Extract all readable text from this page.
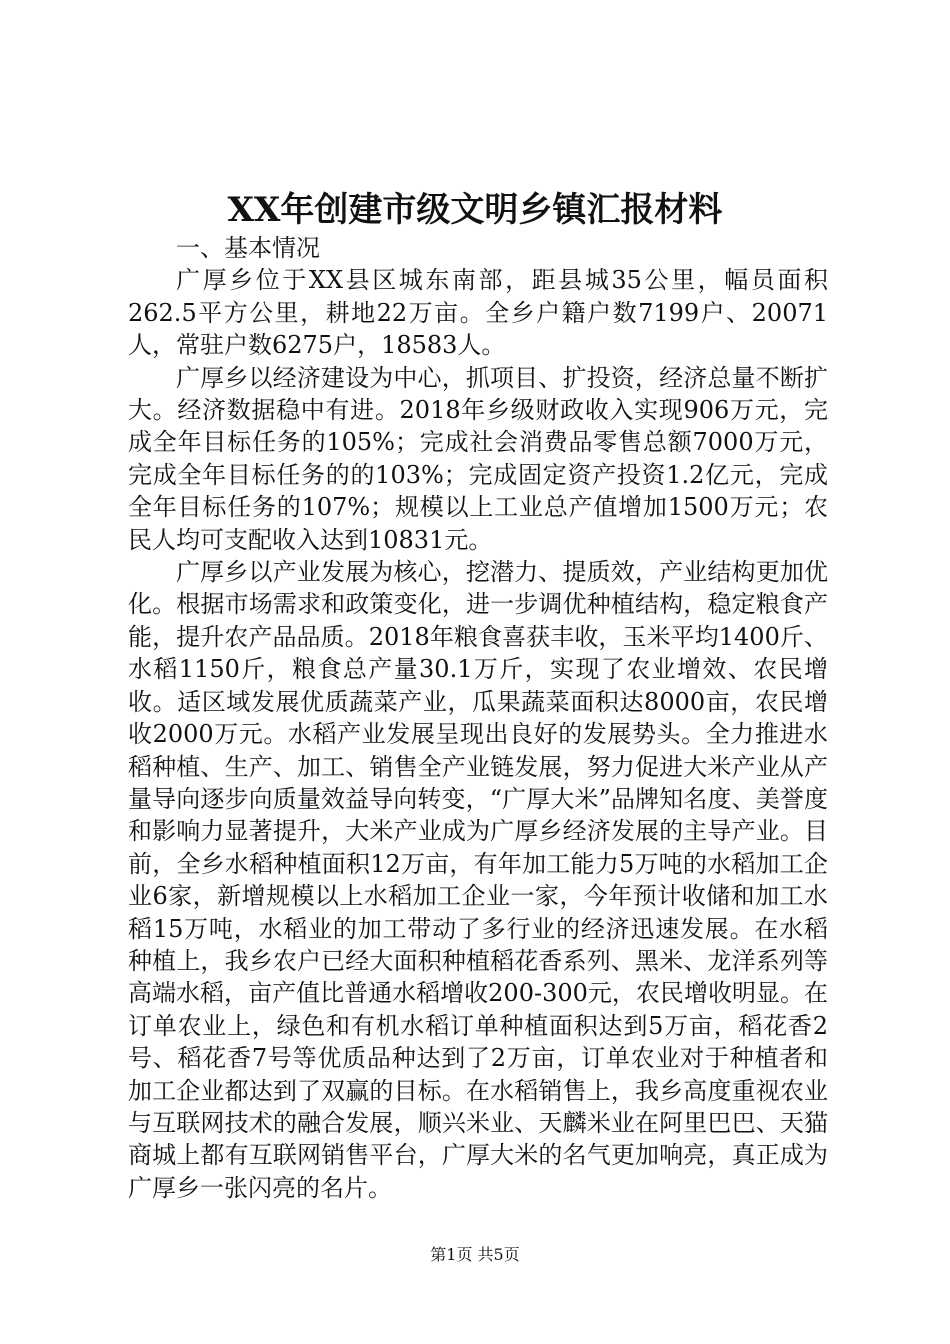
XX年创建市级文明乡镇汇报材料

一、基本情况

广厚乡位于XX县区城东南部，距县城35公里，幅员面积262.5平方公里，耕地22万亩。全乡户籍户数7199户、20071人，常驻户数6275户，18583人。

广厚乡以经济建设为中心，抓项目、扩投资，经济总量不断扩大。经济数据稳中有进。2018年乡级财政收入实现906万元，完成全年目标任务的105%；完成社会消费品零售总额7000万元，完成全年目标任务的的103%；完成固定资产投资1.2亿元，完成全年目标任务的107%；规模以上工业总产值增加1500万元；农民人均可支配收入达到10831元。

广厚乡以产业发展为核心，挖潜力、提质效，产业结构更加优化。根据市场需求和政策变化，进一步调优种植结构，稳定粮食产能，提升农产品品质。2018年粮食喜获丰收，玉米平均1400斤、水稻1150斤，粮食总产量30.1万斤，实现了农业增效、农民增收。适区域发展优质蔬菜产业，瓜果蔬菜面积达8000亩，农民增收2000万元。水稻产业发展呈现出良好的发展势头。全力推进水稻种植、生产、加工、销售全产业链发展，努力促进大米产业从产量导向逐步向质量效益导向转变，“广厚大米”品牌知名度、美誉度和影响力显著提升，大米产业成为广厚乡经济发展的主导产业。目前，全乡水稻种植面积12万亩，有年加工能力5万吨的水稻加工企业6家，新增规模以上水稻加工企业一家，今年预计收储和加工水稻15万吨，水稻业的加工带动了多行业的经济迅速发展。在水稻种植上，我乡农户已经大面积种植稻花香系列、黑米、龙洋系列等高端水稻，亩产值比普通水稻增收200-300元，农民增收明显。在订单农业上，绿色和有机水稻订单种植面积达到5万亩，稻花香2号、稻花香7号等优质品种达到了2万亩，订单农业对于种植者和加工企业都达到了双赢的目标。在水稻销售上，我乡高度重视农业与互联网技术的融合发展，顺兴米业、天麟米业在阿里巴巴、天猫商城上都有互联网销售平台，广厚大米的名气更加响亮，真正成为广厚乡一张闪亮的名片。

第1页 共5页
